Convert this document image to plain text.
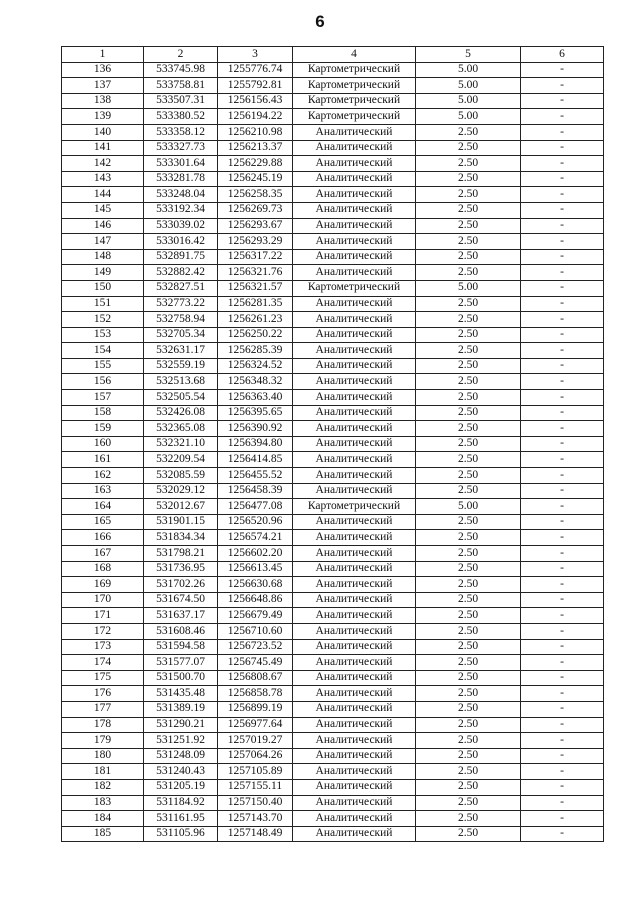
6
1	2	3	4	5	6
136	533745.98	1255776.74	Картометрический	5.00	-
137	533758.81	1255792.81	Картометрический	5.00	-
138	533507.31	1256156.43	Картометрический	5.00	-
139	533380.52	1256194.22	Картометрический	5.00	-
140	533358.12	1256210.98	Аналитический	2.50	-
141	533327.73	1256213.37	Аналитический	2.50	-
142	533301.64	1256229.88	Аналитический	2.50	-
143	533281.78	1256245.19	Аналитический	2.50	-
144	533248.04	1256258.35	Аналитический	2.50	-
145	533192.34	1256269.73	Аналитический	2.50	-
146	533039.02	1256293.67	Аналитический	2.50	-
147	533016.42	1256293.29	Аналитический	2.50	-
148	532891.75	1256317.22	Аналитический	2.50	-
149	532882.42	1256321.76	Аналитический	2.50	-
150	532827.51	1256321.57	Картометрический	5.00	-
151	532773.22	1256281.35	Аналитический	2.50	-
152	532758.94	1256261.23	Аналитический	2.50	-
153	532705.34	1256250.22	Аналитический	2.50	-
154	532631.17	1256285.39	Аналитический	2.50	-
155	532559.19	1256324.52	Аналитический	2.50	-
156	532513.68	1256348.32	Аналитический	2.50	-
157	532505.54	1256363.40	Аналитический	2.50	-
158	532426.08	1256395.65	Аналитический	2.50	-
159	532365.08	1256390.92	Аналитический	2.50	-
160	532321.10	1256394.80	Аналитический	2.50	-
161	532209.54	1256414.85	Аналитический	2.50	-
162	532085.59	1256455.52	Аналитический	2.50	-
163	532029.12	1256458.39	Аналитический	2.50	-
164	532012.67	1256477.08	Картометрический	5.00	-
165	531901.15	1256520.96	Аналитический	2.50	-
166	531834.34	1256574.21	Аналитический	2.50	-
167	531798.21	1256602.20	Аналитический	2.50	-
168	531736.95	1256613.45	Аналитический	2.50	-
169	531702.26	1256630.68	Аналитический	2.50	-
170	531674.50	1256648.86	Аналитический	2.50	-
171	531637.17	1256679.49	Аналитический	2.50	-
172	531608.46	1256710.60	Аналитический	2.50	-
173	531594.58	1256723.52	Аналитический	2.50	-
174	531577.07	1256745.49	Аналитический	2.50	-
175	531500.70	1256808.67	Аналитический	2.50	-
176	531435.48	1256858.78	Аналитический	2.50	-
177	531389.19	1256899.19	Аналитический	2.50	-
178	531290.21	1256977.64	Аналитический	2.50	-
179	531251.92	1257019.27	Аналитический	2.50	-
180	531248.09	1257064.26	Аналитический	2.50	-
181	531240.43	1257105.89	Аналитический	2.50	-
182	531205.19	1257155.11	Аналитический	2.50	-
183	531184.92	1257150.40	Аналитический	2.50	-
184	531161.95	1257143.70	Аналитический	2.50	-
185	531105.96	1257148.49	Аналитический	2.50	-
